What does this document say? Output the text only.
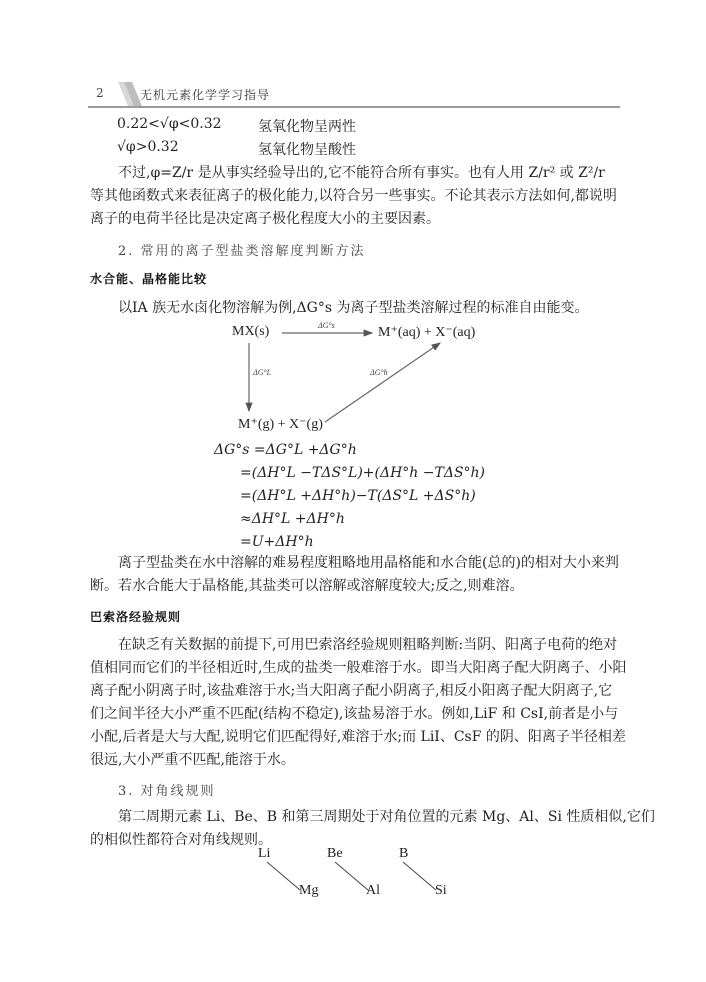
2	无机元素化学学习指导
0.22<√φ<0.32	氢氧化物呈两性
√φ>0.32	氢氧化物呈酸性
不过,φ=Z/r 是从事实经验导出的,它不能符合所有事实。也有人用 Z/r² 或 Z²/r
等其他函数式来表征离子的极化能力,以符合另一些事实。不论其表示方法如何,都说明
离子的电荷半径比是决定离子极化程度大小的主要因素。
2. 常用的离子型盐类溶解度判断方法
水合能、晶格能比较
以ⅠA 族无水卤化物溶解为例,ΔG°s 为离子型盐类溶解过程的标准自由能变。
MX(s)	M⁺(aq) + X⁻(aq)
M⁺(g) + X⁻(g)
ΔG°s
ΔG°L	ΔG°h
ΔG°s =ΔG°L +ΔG°h
=(ΔH°L −TΔS°L)+(ΔH°h −TΔS°h)
=(ΔH°L +ΔH°h)−T(ΔS°L +ΔS°h)
≈ΔH°L +ΔH°h
=U+ΔH°h
离子型盐类在水中溶解的难易程度粗略地用晶格能和水合能(总的)的相对大小来判
断。若水合能大于晶格能,其盐类可以溶解或溶解度较大;反之,则难溶。
巴索洛经验规则
在缺乏有关数据的前提下,可用巴索洛经验规则粗略判断:当阴、阳离子电荷的绝对
值相同而它们的半径相近时,生成的盐类一般难溶于水。即当大阳离子配大阴离子、小阳
离子配小阴离子时,该盐难溶于水;当大阳离子配小阴离子,相反小阳离子配大阴离子,它
们之间半径大小严重不匹配(结构不稳定),该盐易溶于水。例如,LiF 和 CsI,前者是小与
小配,后者是大与大配,说明它们匹配得好,难溶于水;而 LiI、CsF 的阴、阳离子半径相差
很远,大小严重不匹配,能溶于水。
3. 对角线规则
第二周期元素 Li、Be、B 和第三周期处于对角位置的元素 Mg、Al、Si 性质相似,它们
的相似性都符合对角线规则。
Li
Mg
Be
Al
B
Si
